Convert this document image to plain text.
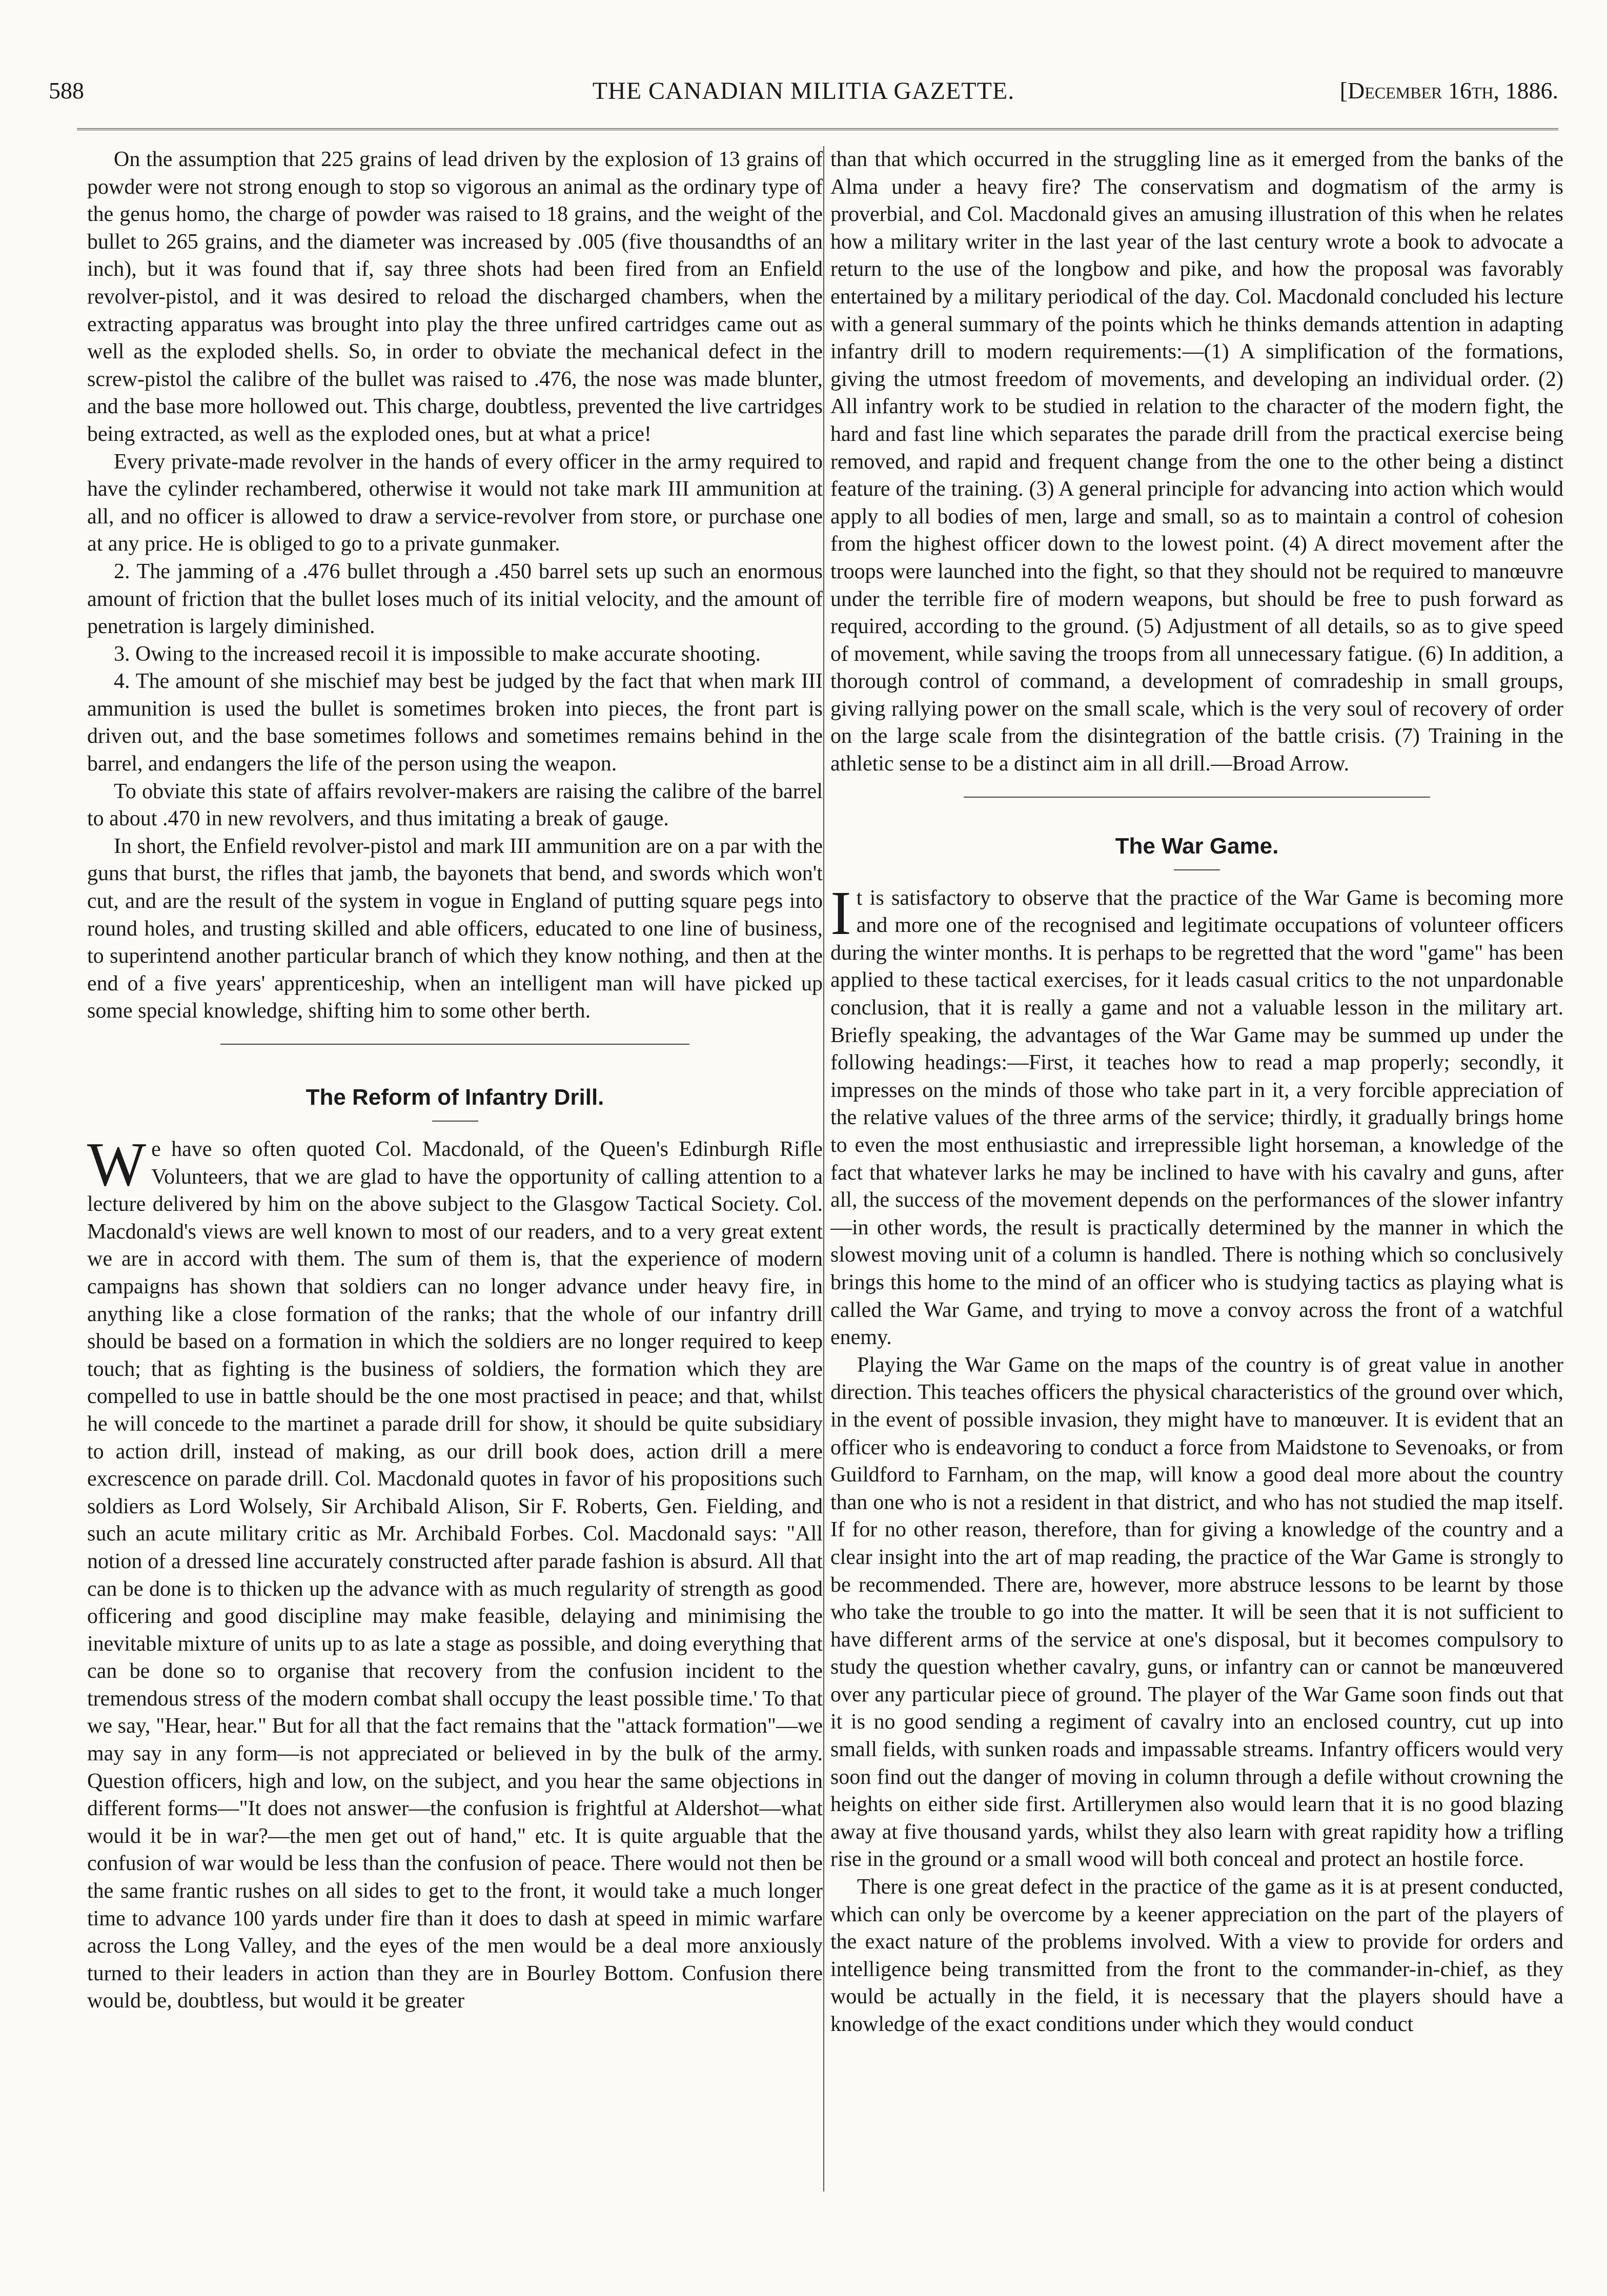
588	THE CANADIAN MILITIA GAZETTE.	[December 16th, 1886.

On the assumption that 225 grains of lead driven by the explosion of 13 grains of powder were not strong enough to stop so vigorous an animal as the ordinary type of the genus homo, the charge of powder was raised to 18 grains, and the weight of the bullet to 265 grains, and the diameter was increased by .005 (five thousandths of an inch), but it was found that if, say three shots had been fired from an Enfield revolver-pistol, and it was desired to reload the discharged chambers, when the extracting apparatus was brought into play the three unfired cartridges came out as well as the exploded shells. So, in order to obviate the mechanical defect in the screw-pistol the calibre of the bullet was raised to .476, the nose was made blunter, and the base more hollowed out. This charge, doubtless, prevented the live cartridges being extracted, as well as the exploded ones, but at what a price!

Every private-made revolver in the hands of every officer in the army required to have the cylinder rechambered, otherwise it would not take mark III ammunition at all, and no officer is allowed to draw a service-revolver from store, or purchase one at any price. He is obliged to go to a private gunmaker.

2. The jamming of a .476 bullet through a .450 barrel sets up such an enormous amount of friction that the bullet loses much of its initial velocity, and the amount of penetration is largely diminished.

3. Owing to the increased recoil it is impossible to make accurate shooting.

4. The amount of she mischief may best be judged by the fact that when mark III ammunition is used the bullet is sometimes broken into pieces, the front part is driven out, and the base sometimes follows and sometimes remains behind in the barrel, and endangers the life of the person using the weapon.

To obviate this state of affairs revolver-makers are raising the calibre of the barrel to about .470 in new revolvers, and thus imitating a break of gauge.

In short, the Enfield revolver-pistol and mark III ammunition are on a par with the guns that burst, the rifles that jamb, the bayonets that bend, and swords which won't cut, and are the result of the system in vogue in England of putting square pegs into round holes, and trusting skilled and able officers, educated to one line of business, to superintend another particular branch of which they know nothing, and then at the end of a five years' apprenticeship, when an intelligent man will have picked up some special knowledge, shifting him to some other berth.

The Reform of Infantry Drill.

We have so often quoted Col. Macdonald, of the Queen's Edinburgh Rifle Volunteers, that we are glad to have the opportunity of calling attention to a lecture delivered by him on the above subject to the Glasgow Tactical Society. Col. Macdonald's views are well known to most of our readers, and to a very great extent we are in accord with them. The sum of them is, that the experience of modern campaigns has shown that soldiers can no longer advance under heavy fire, in anything like a close formation of the ranks; that the whole of our infantry drill should be based on a formation in which the soldiers are no longer required to keep touch; that as fighting is the business of soldiers, the formation which they are compelled to use in battle should be the one most practised in peace; and that, whilst he will concede to the martinet a parade drill for show, it should be quite subsidiary to action drill, instead of making, as our drill book does, action drill a mere excrescence on parade drill. Col. Macdonald quotes in favor of his propositions such soldiers as Lord Wolsely, Sir Archibald Alison, Sir F. Roberts, Gen. Fielding, and such an acute military critic as Mr. Archibald Forbes. Col. Macdonald says: "All notion of a dressed line accurately constructed after parade fashion is absurd. All that can be done is to thicken up the advance with as much regularity of strength as good officering and good discipline may make feasible, delaying and minimising the inevitable mixture of units up to as late a stage as possible, and doing everything that can be done so to organise that recovery from the confusion incident to the tremendous stress of the modern combat shall occupy the least possible time.' To that we say, "Hear, hear." But for all that the fact remains that the "attack formation"—we may say in any form—is not appreciated or believed in by the bulk of the army. Question officers, high and low, on the subject, and you hear the same objections in different forms—"It does not answer—the confusion is frightful at Aldershot—what would it be in war?—the men get out of hand," etc. It is quite arguable that the confusion of war would be less than the confusion of peace. There would not then be the same frantic rushes on all sides to get to the front, it would take a much longer time to advance 100 yards under fire than it does to dash at speed in mimic warfare across the Long Valley, and the eyes of the men would be a deal more anxiously turned to their leaders in action than they are in Bourley Bottom. Confusion there would be, doubtless, but would it be greater

than that which occurred in the struggling line as it emerged from the banks of the Alma under a heavy fire? The conservatism and dogmatism of the army is proverbial, and Col. Macdonald gives an amusing illustration of this when he relates how a military writer in the last year of the last century wrote a book to advocate a return to the use of the longbow and pike, and how the proposal was favorably entertained by a military periodical of the day. Col. Macdonald concluded his lecture with a general summary of the points which he thinks demands attention in adapting infantry drill to modern requirements:—(1) A simplification of the formations, giving the utmost freedom of movements, and developing an individual order. (2) All infantry work to be studied in relation to the character of the modern fight, the hard and fast line which separates the parade drill from the practical exercise being removed, and rapid and frequent change from the one to the other being a distinct feature of the training. (3) A general principle for advancing into action which would apply to all bodies of men, large and small, so as to maintain a control of cohesion from the highest officer down to the lowest point. (4) A direct movement after the troops were launched into the fight, so that they should not be required to manœuvre under the terrible fire of modern weapons, but should be free to push forward as required, according to the ground. (5) Adjustment of all details, so as to give speed of movement, while saving the troops from all unnecessary fatigue. (6) In addition, a thorough control of command, a development of comradeship in small groups, giving rallying power on the small scale, which is the very soul of recovery of order on the large scale from the disintegration of the battle crisis. (7) Training in the athletic sense to be a distinct aim in all drill.—Broad Arrow.

The War Game.

It is satisfactory to observe that the practice of the War Game is becoming more and more one of the recognised and legitimate occupations of volunteer officers during the winter months. It is perhaps to be regretted that the word "game" has been applied to these tactical exercises, for it leads casual critics to the not unpardonable conclusion, that it is really a game and not a valuable lesson in the military art. Briefly speaking, the advantages of the War Game may be summed up under the following headings:—First, it teaches how to read a map properly; secondly, it impresses on the minds of those who take part in it, a very forcible appreciation of the relative values of the three arms of the service; thirdly, it gradually brings home to even the most enthusiastic and irrepressible light horseman, a knowledge of the fact that whatever larks he may be inclined to have with his cavalry and guns, after all, the success of the movement depends on the performances of the slower infantry—in other words, the result is practically determined by the manner in which the slowest moving unit of a column is handled. There is nothing which so conclusively brings this home to the mind of an officer who is studying tactics as playing what is called the War Game, and trying to move a convoy across the front of a watchful enemy.

Playing the War Game on the maps of the country is of great value in another direction. This teaches officers the physical characteristics of the ground over which, in the event of possible invasion, they might have to manœuver. It is evident that an officer who is endeavoring to conduct a force from Maidstone to Sevenoaks, or from Guildford to Farnham, on the map, will know a good deal more about the country than one who is not a resident in that district, and who has not studied the map itself. If for no other reason, therefore, than for giving a knowledge of the country and a clear insight into the art of map reading, the practice of the War Game is strongly to be recommended. There are, however, more abstruce lessons to be learnt by those who take the trouble to go into the matter. It will be seen that it is not sufficient to have different arms of the service at one's disposal, but it becomes compulsory to study the question whether cavalry, guns, or infantry can or cannot be manœuvered over any particular piece of ground. The player of the War Game soon finds out that it is no good sending a regiment of cavalry into an enclosed country, cut up into small fields, with sunken roads and impassable streams. Infantry officers would very soon find out the danger of moving in column through a defile without crowning the heights on either side first. Artillerymen also would learn that it is no good blazing away at five thousand yards, whilst they also learn with great rapidity how a trifling rise in the ground or a small wood will both conceal and protect an hostile force.

There is one great defect in the practice of the game as it is at present conducted, which can only be overcome by a keener appreciation on the part of the players of the exact nature of the problems involved. With a view to provide for orders and intelligence being transmitted from the front to the commander-in-chief, as they would be actually in the field, it is necessary that the players should have a knowledge of the exact conditions under which they would conduct
